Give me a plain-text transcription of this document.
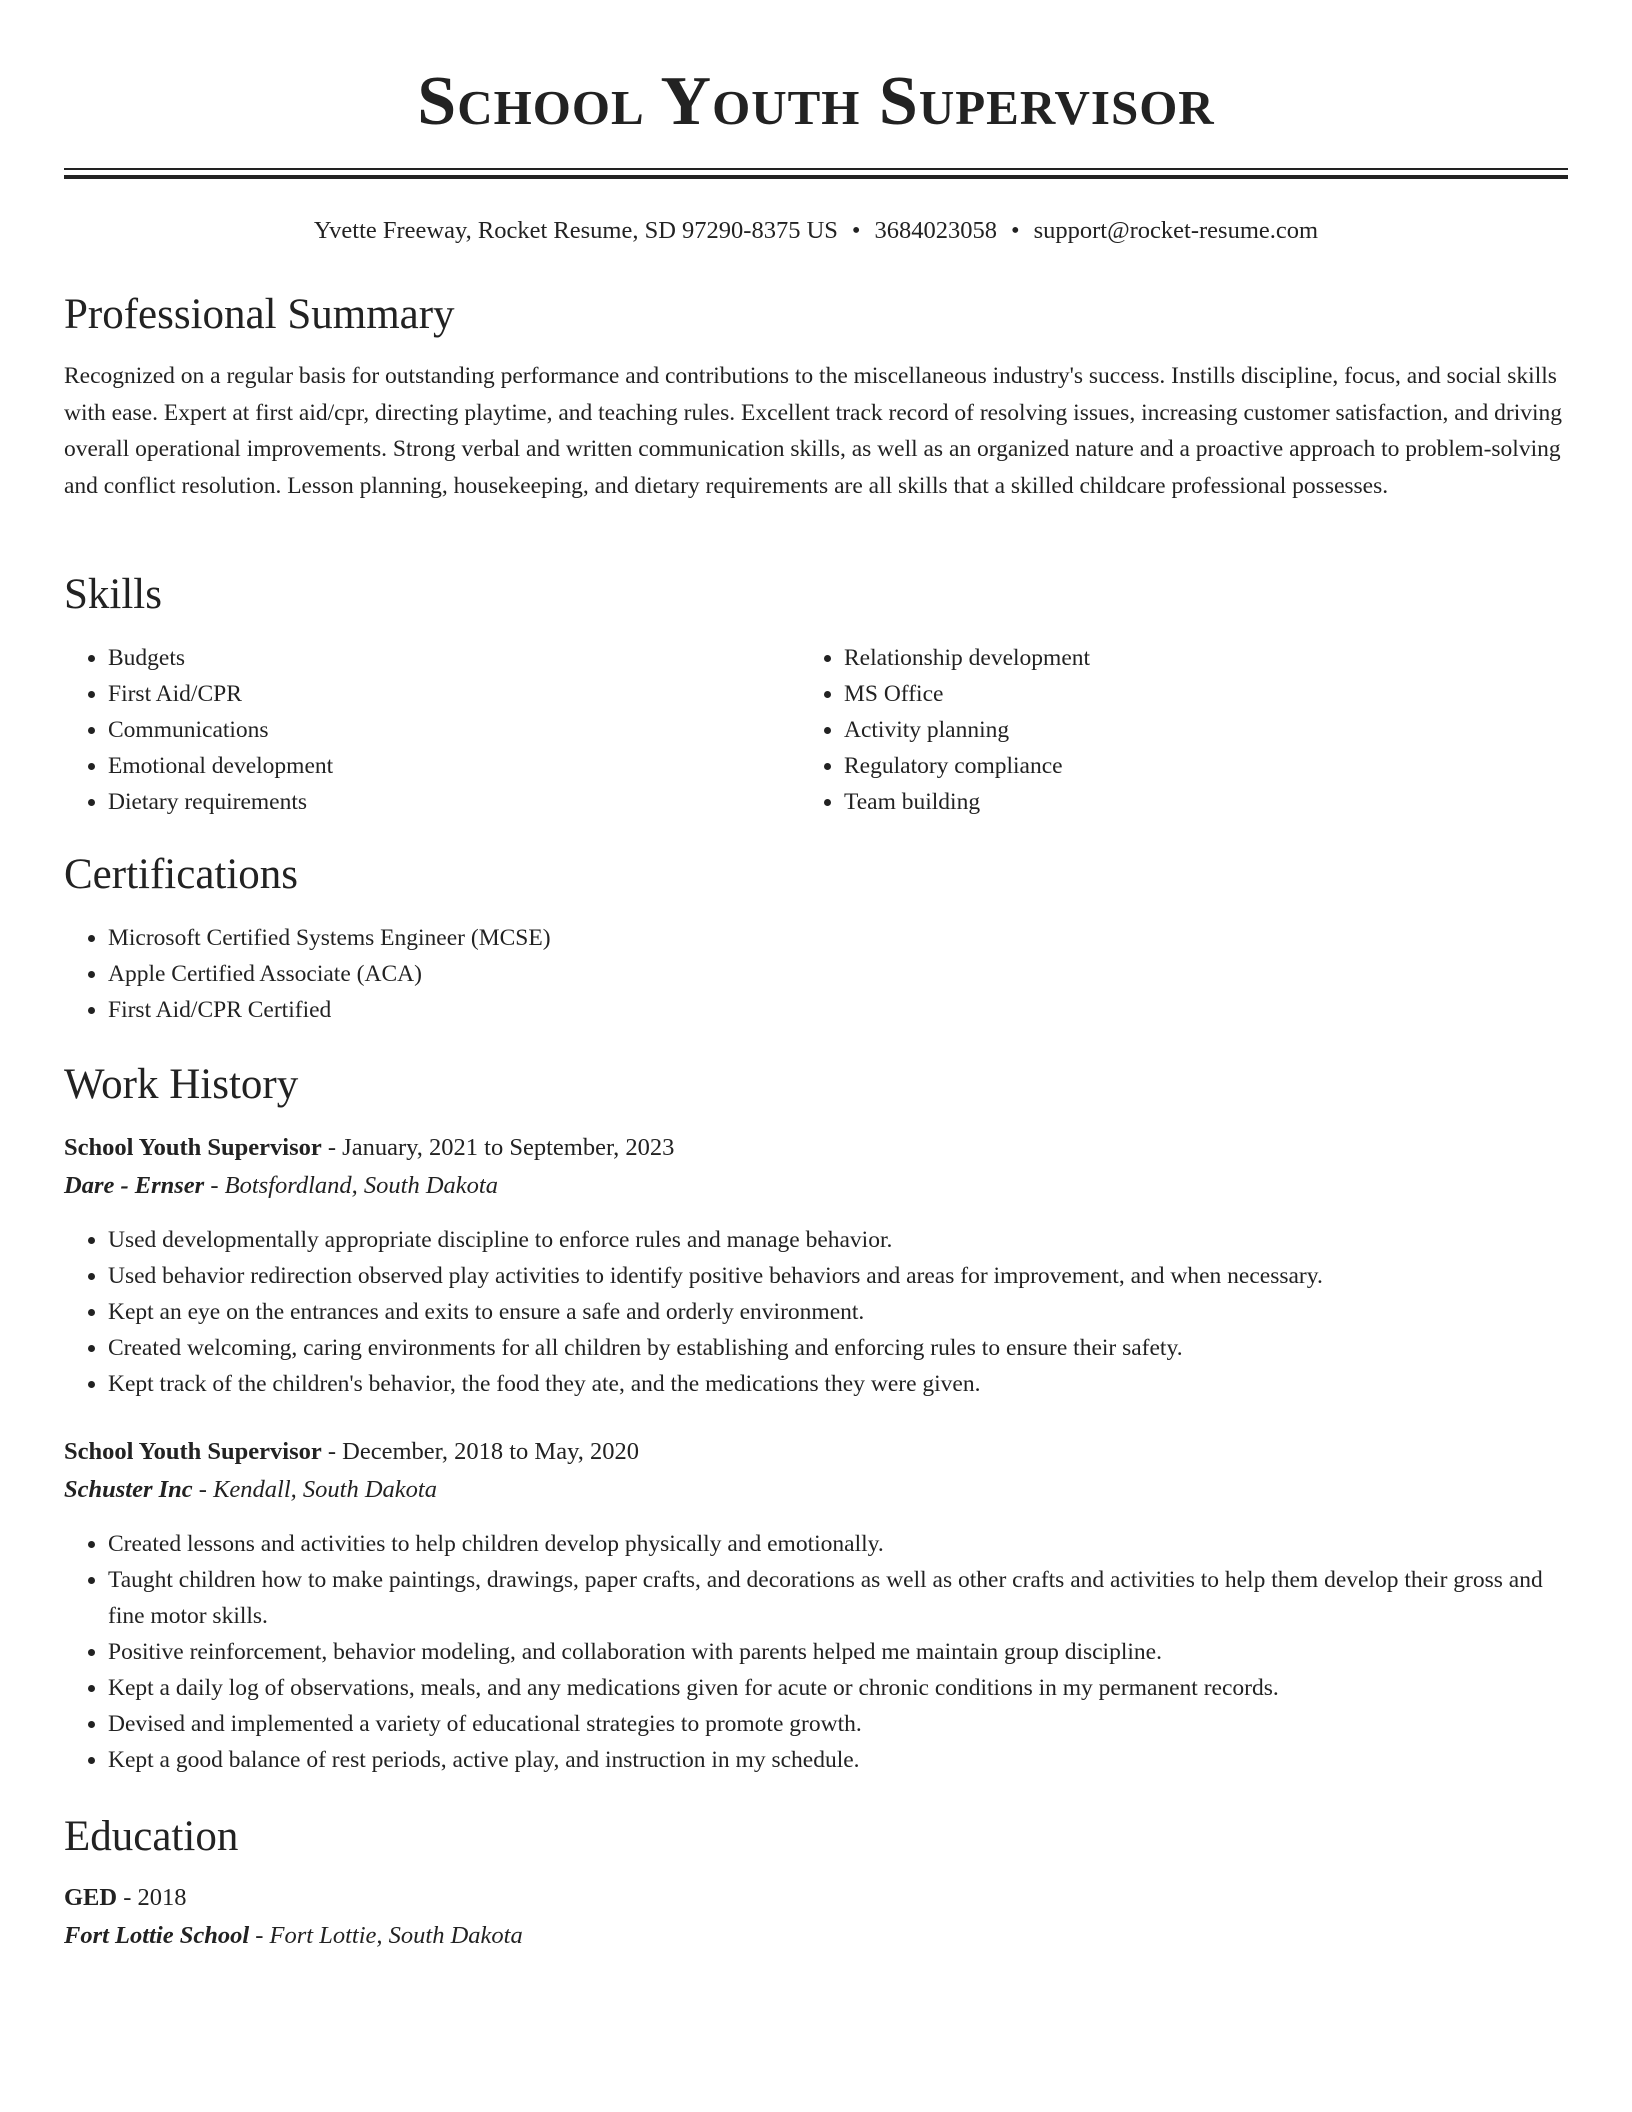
School Youth Supervisor
Yvette Freeway, Rocket Resume, SD 97290-8375 US • 3684023058 • support@rocket-resume.com
Professional Summary
Recognized on a regular basis for outstanding performance and contributions to the miscellaneous industry's success. Instills discipline, focus, and social skills with ease. Expert at first aid/cpr, directing playtime, and teaching rules. Excellent track record of resolving issues, increasing customer satisfaction, and driving overall operational improvements. Strong verbal and written communication skills, as well as an organized nature and a proactive approach to problem-solving and conflict resolution. Lesson planning, housekeeping, and dietary requirements are all skills that a skilled childcare professional possesses.
Skills
• Budgets
• First Aid/CPR
• Communications
• Emotional development
• Dietary requirements
• Relationship development
• MS Office
• Activity planning
• Regulatory compliance
• Team building
Certifications
• Microsoft Certified Systems Engineer (MCSE)
• Apple Certified Associate (ACA)
• First Aid/CPR Certified
Work History
School Youth Supervisor - January, 2021 to September, 2023
Dare - Ernser - Botsfordland, South Dakota
• Used developmentally appropriate discipline to enforce rules and manage behavior.
• Used behavior redirection observed play activities to identify positive behaviors and areas for improvement, and when necessary.
• Kept an eye on the entrances and exits to ensure a safe and orderly environment.
• Created welcoming, caring environments for all children by establishing and enforcing rules to ensure their safety.
• Kept track of the children's behavior, the food they ate, and the medications they were given.
School Youth Supervisor - December, 2018 to May, 2020
Schuster Inc - Kendall, South Dakota
• Created lessons and activities to help children develop physically and emotionally.
• Taught children how to make paintings, drawings, paper crafts, and decorations as well as other crafts and activities to help them develop their gross and fine motor skills.
• Positive reinforcement, behavior modeling, and collaboration with parents helped me maintain group discipline.
• Kept a daily log of observations, meals, and any medications given for acute or chronic conditions in my permanent records.
• Devised and implemented a variety of educational strategies to promote growth.
• Kept a good balance of rest periods, active play, and instruction in my schedule.
Education
GED - 2018
Fort Lottie School - Fort Lottie, South Dakota
